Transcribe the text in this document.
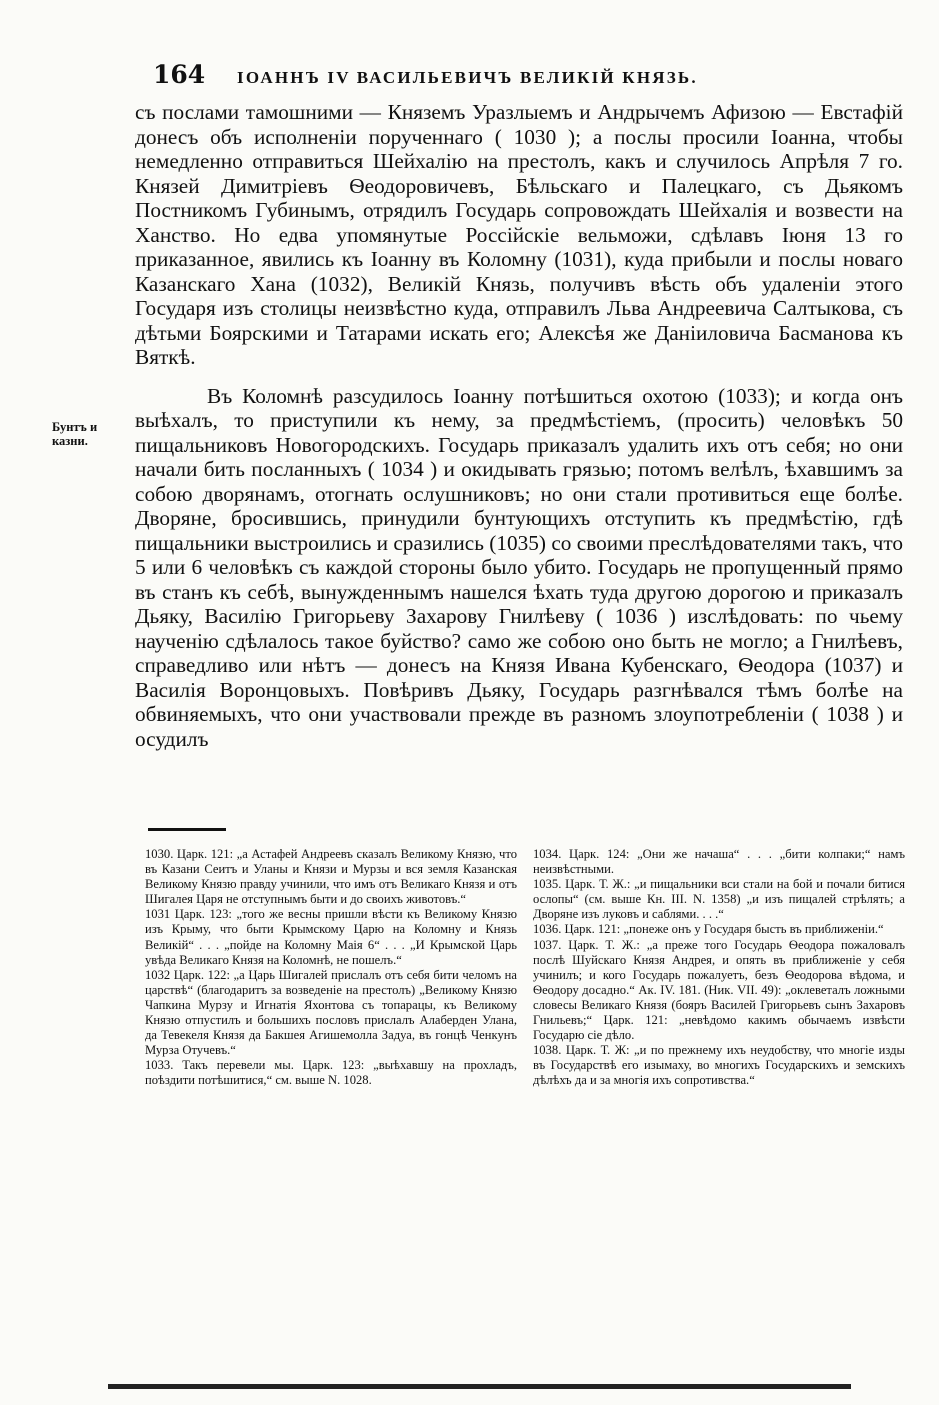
164	ІОАННЪ IV ВАСИЛЬЕВИЧЪ ВЕЛИКІЙ КНЯЗЬ.
Бунтъ и казни.

съ послами тамошними — Княземъ Уразлыемъ и Андрычемъ Афизою — Евстафій донесъ объ исполненіи порученнаго ( 1030 ); а послы просили Іоанна, чтобы немедленно отправиться Шейхалію на престолъ, какъ и случилось Апрѣля 7 го. Князей Димитріевъ Ѳеодоровичевъ, Бѣльскаго и Палецкаго, съ Дьякомъ Постникомъ Губинымъ, отрядилъ Государь сопровождать Шейхалія и возвести на Ханство. Но едва упомянутые Россійскіе вельможи, сдѣлавъ Іюня 13 го приказанное, явились къ Іоанну въ Коломну (1031), куда прибыли и послы новаго Казанскаго Хана (1032), Великій Князь, получивъ вѣсть объ удаленіи этого Государя изъ столицы неизвѣстно куда, отправилъ Льва Андреевича Салтыкова, съ дѣтьми Боярскими и Татарами искать его; Алексѣя же Даніиловича Басманова къ Вяткѣ.

Въ Коломнѣ разсудилось Іоанну потѣшиться охотою (1033); и когда онъ выѣхалъ, то приступили къ нему, за предмѣстіемъ, (просить) человѣкъ 50 пищальниковъ Новогородскихъ. Государь приказалъ удалить ихъ отъ себя; но они начали бить посланныхъ ( 1034 ) и окидывать грязью; потомъ велѣлъ, ѣхавшимъ за собою дворянамъ, отогнать ослушниковъ; но они стали противиться еще болѣе. Дворяне, бросившись, принудили бунтующихъ отступить къ предмѣстію, гдѣ пищальники выстроились и сразились (1035) со своими преслѣдователями такъ, что 5 или 6 человѣкъ съ каждой стороны было убито. Государь не пропущенный прямо въ станъ къ себѣ, вынужденнымъ нашелся ѣхать туда другою дорогою и приказалъ Дьяку, Василію Григорьеву Захарову Гнилѣеву ( 1036 ) изслѣдовать: по чьему наученію сдѣлалось такое буйство? само же собою оно быть не могло; а Гнилѣевъ, справедливо или нѣтъ — донесъ на Князя Ивана Кубенскаго, Ѳеодора (1037) и Василія Воронцовыхъ. Повѣривъ Дьяку, Государь разгнѣвался тѣмъ болѣе на обвиняемыхъ, что они участвовали прежде въ разномъ злоупотребленіи ( 1038 ) и осудилъ

1030. Царк. 121: „а Астафей Андреевъ сказалъ Великому Князю, что въ Казани Сеитъ и Уланы и Князи и Мурзы и вся земля Казанская Великому Князю правду учинили, что имъ отъ Великаго Князя и отъ Шигалея Царя не отступнымъ быти и до своихъ животовъ.“

1031 Царк. 123: „того же весны пришли вѣсти къ Великому Князю изъ Крыму, что быти Крымскому Царю на Коломну и Князь Великій“ . . . „пойде на Коломну Маія 6“ . . . „И Крымской Царь увѣда Великаго Князя на Коломнѣ, не пошелъ.“

1032 Царк. 122: „а Царь Шигалей прислалъ отъ себя бити челомъ на царствѣ“ (благодаритъ за возведеніе на престолъ) „Великому Князю Чапкина Мурзу и Игнатія Яхонтова съ топарацы, къ Великому Князю отпустилъ и большихъ пословъ прислалъ Алаберден Улана, да Тевекеля Князя да Бакшея Агишемолла Задуа, въ гонцѣ Ченкунъ Мурза Отучевъ.“

1033. Такъ перевели мы. Царк. 123: „выѣхавшу на прохладъ, поѣздити потѣшитися,“ см. выше N. 1028.

1034. Царк. 124: „Они же начаша“ . . . „бити колпаки;“ намъ неизвѣстными.

1035. Царк. Т. Ж.: „и пищальники вси стали на бой и почали битися ослопы“ (см. выше Кн. III. N. 1358) „и изъ пищалей стрѣлять; а Дворяне изъ луковъ и саблями. . . .“

1036. Царк. 121: „понеже онъ у Государя бысть въ приближеніи.“

1037. Царк. Т. Ж.: „а преже того Государь Ѳеодора пожаловалъ послѣ Шуйскаго Князя Андрея, и опять въ приближеніе у себя учинилъ; и кого Государь пожалуетъ, безъ Ѳеодорова вѣдома, и Ѳеодору досадно.“ Ак. IV. 181. (Ник. VII. 49): „оклеветалъ ложными словесы Великаго Князя (бояръ Василей Григорьевъ сынъ Захаровъ Гнильевъ;“ Царк. 121: „невѣдомо какимъ обычаемъ извѣсти Государю сіе дѣло.

1038. Царк. Т. Ж: „и по прежнему ихъ неудобству, что многіе изды въ Государствѣ его изымаху, во многихъ Государскихъ и земскихъ дѣлѣхъ да и за многія ихъ сопротивства.“
